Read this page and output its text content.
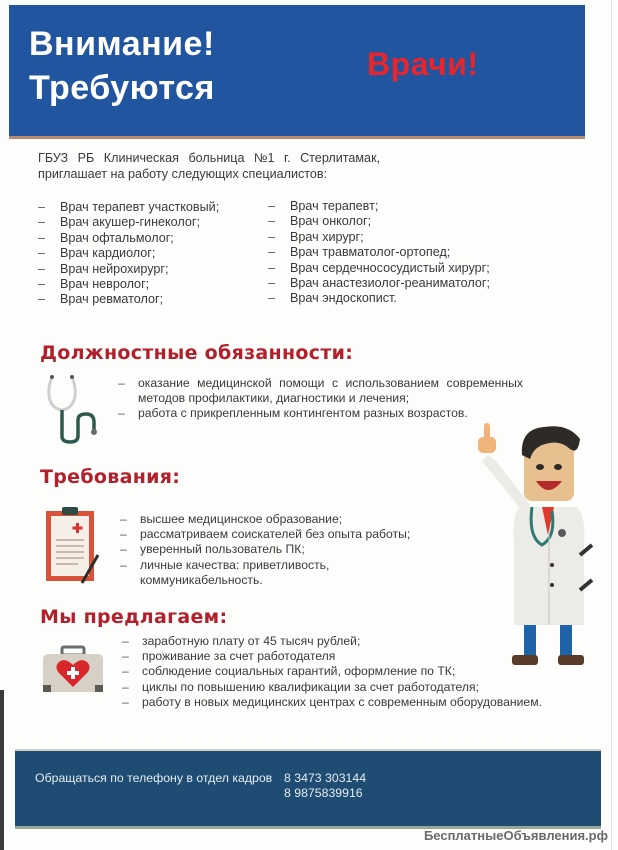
Внимание!
Требуются
Врачи!
ГБУЗ РБ Клиническая больница №1 г. Стерлитамак,
приглашает на работу следующих специалистов:
– Врач терапевт участковый;
– Врач акушер-гинеколог;
– Врач офтальмолог;
– Врач кардиолог;
– Врач нейрохирург;
– Врач невролог;
– Врач ревматолог;
– Врач терапевт;
– Врач онколог;
– Врач хирург;
– Врач травматолог-ортопед;
– Врач сердечнососудистый хирург;
– Врач анастезиолог-реаниматолог;
– Врач эндоскопист.
Должностные обязанности:
– оказание медицинской помощи с использованием современных методов профилактики, диагностики и лечения;
– работа с прикрепленным контингентом разных возрастов.
Требования:
– высшее медицинское образование;
– рассматриваем соискателей без опыта работы;
– уверенный пользователь ПК;
– личные качества: приветливость, коммуникабельность.
Мы предлагаем:
– заработную плату от 45 тысяч рублей;
– проживание за счет работодателя
– соблюдение социальных гарантий, оформление по ТК;
– циклы по повышению квалификации за счет работодателя;
– работу в новых медицинских центрах с современным оборудованием.
Обращаться по телефону в отдел кадров 8 3473 303144
8 9875839916
БесплатныеОбъявления.рф
